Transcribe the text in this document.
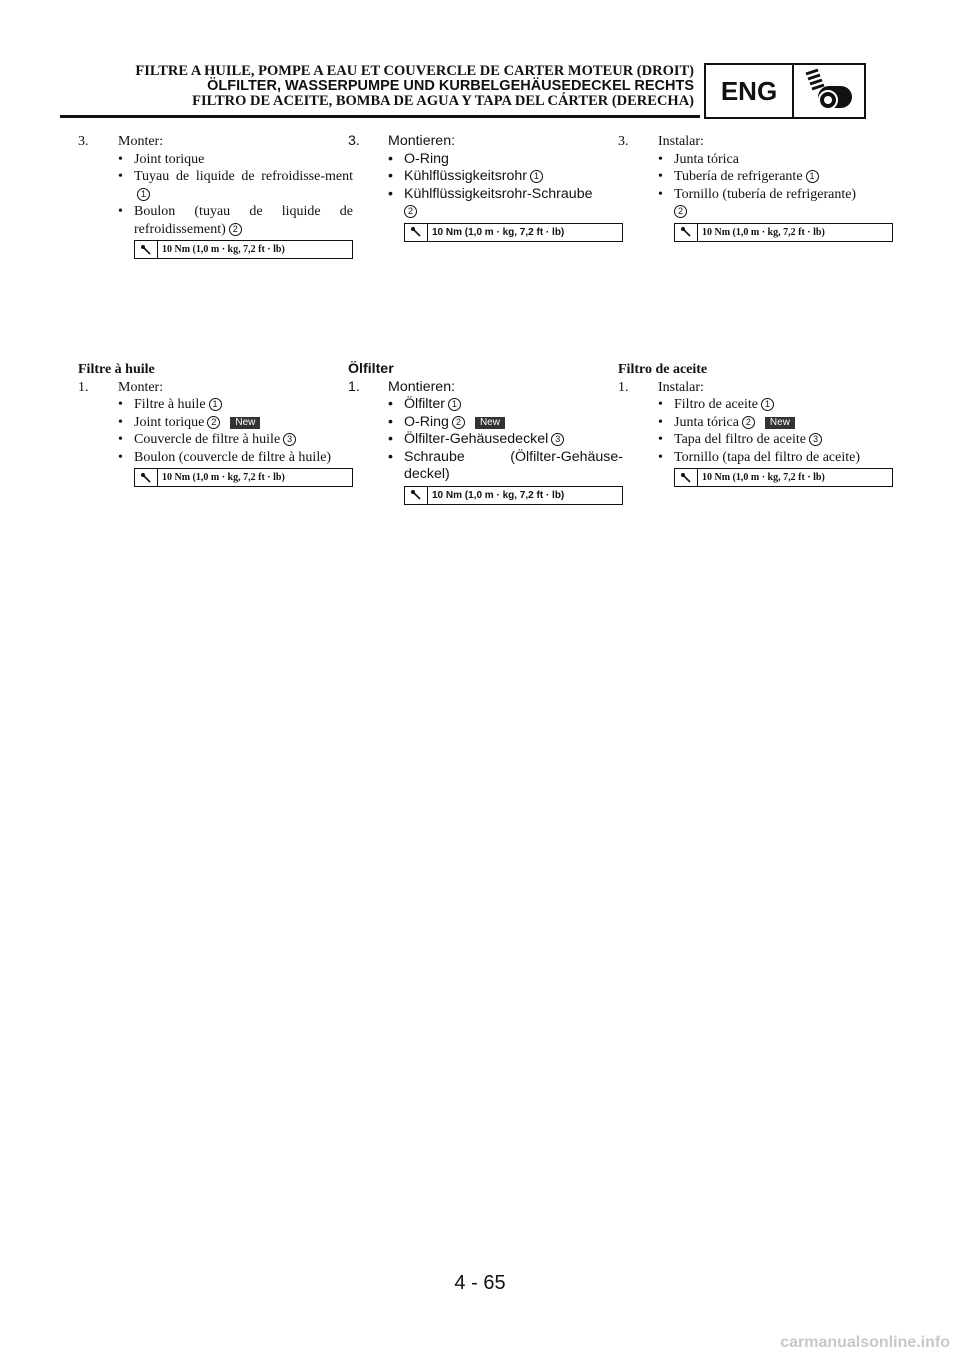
FILTRE A HUILE, POMPE A EAU ET COUVERCLE DE CARTER MOTEUR (DROIT)
ÖLFILTER, WASSERPUMPE UND KURBELGEHÄUSEDECKEL RECHTS
FILTRO DE ACEITE, BOMBA DE AGUA Y TAPA DEL CÁRTER (DERECHA)	ENG
3.	Monter:
• Joint torique
• Tuyau de liquide de refroidisse-ment1
• Boulon (tuyau de liquide de refroidissement) 2
10 Nm (1,0 m · kg, 7,2 ft · lb)
3.	Montieren:
• O-Ring
• Kühlflüssigkeitsrohr 1
• Kühlflüssigkeitsrohr-Schraube
2
10 Nm (1,0 m · kg, 7,2 ft · lb)
3.	Instalar:
• Junta tórica
• Tubería de refrigerante 1
• Tornillo (tubería de refrigerante)
2
10 Nm (1,0 m · kg, 7,2 ft · lb)
Filtre à huile
1.	Monter:
• Filtre à huile 1
• Joint torique 2 New
• Couvercle de filtre à huile 3
• Boulon (couvercle de filtre à huile)
10 Nm (1,0 m · kg, 7,2 ft · lb)
Ölfilter
1.	Montieren:
• Ölfilter 1
• O-Ring 2 New
• Ölfilter-Gehäusedeckel 3
• Schraube (Ölfilter-Gehäuse-deckel)
10 Nm (1,0 m · kg, 7,2 ft · lb)
Filtro de aceite
1.	Instalar:
• Filtro de aceite 1
• Junta tórica 2 New
• Tapa del filtro de aceite 3
• Tornillo (tapa del filtro de aceite)
10 Nm (1,0 m · kg, 7,2 ft · lb)
4 - 65
carmanualsonline.info
